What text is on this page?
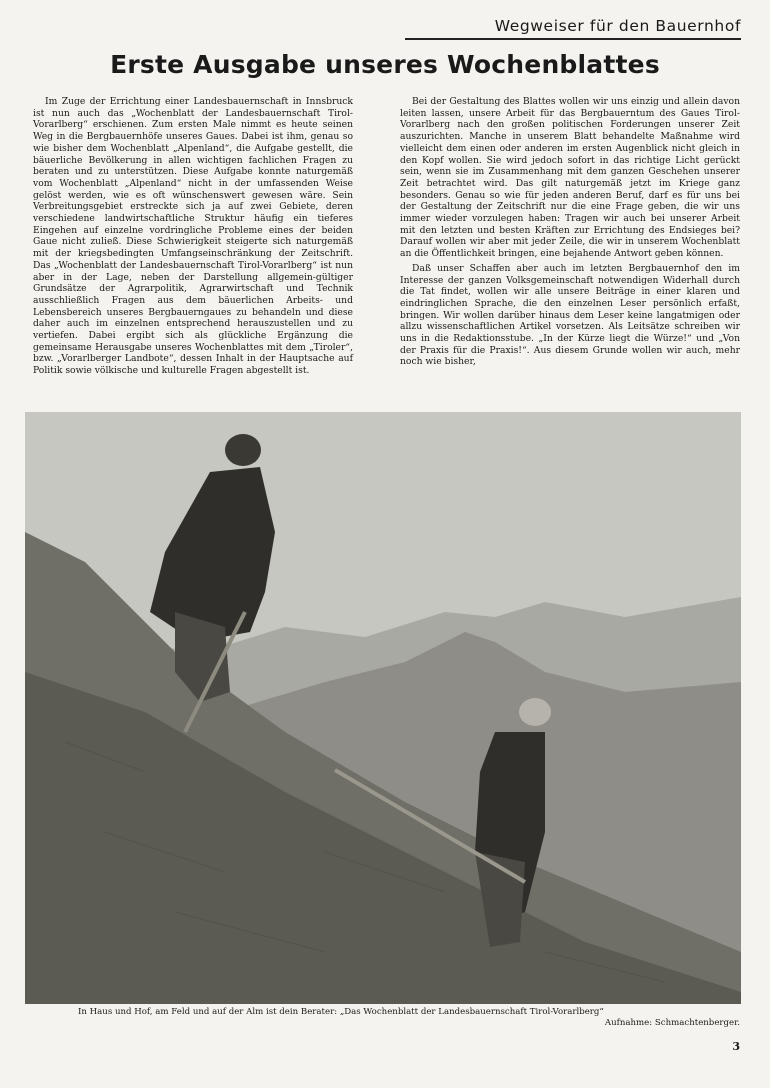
Wegweiser für den Bauernhof
Erste Ausgabe unseres Wochenblattes

Im Zuge der Errichtung einer Landesbauernschaft in Innsbruck ist nun auch das „Wochenblatt der Landesbauernschaft Tirol-Vorarlberg“ erschienen. Zum ersten Male nimmt es heute seinen Weg in die Bergbauernhöfe unseres Gaues. Dabei ist ihm, genau so wie bisher dem Wochenblatt „Alpenland“, die Aufgabe gestellt, die bäuerliche Bevölkerung in allen wichtigen fachlichen Fragen zu beraten und zu unterstützen. Diese Aufgabe konnte naturgemäß vom Wochenblatt „Alpenland“ nicht in der umfassenden Weise gelöst werden, wie es oft wünschenswert gewesen wäre. Sein Verbreitungsgebiet erstreckte sich ja auf zwei Gebiete, deren verschiedene landwirtschaftliche Struktur häufig ein tieferes Eingehen auf einzelne vordringliche Probleme eines der beiden Gaue nicht zuließ. Diese Schwierigkeit steigerte sich naturgemäß mit der kriegsbedingten Umfangseinschränkung der Zeitschrift. Das „Wochenblatt der Landesbauernschaft Tirol-Vorarlberg“ ist nun aber in der Lage, neben der Darstellung allgemein-gültiger Grundsätze der Agrarpolitik, Agrarwirtschaft und Technik ausschließlich Fragen aus dem bäuerlichen Arbeits- und Lebensbereich unseres Bergbauerngaues zu behandeln und diese daher auch im einzelnen entsprechend herauszustellen und zu vertiefen. Dabei ergibt sich als glückliche Ergänzung die gemeinsame Herausgabe unseres Wochenblattes mit dem „Tiroler“, bzw. „Vorarlberger Landbote“, dessen Inhalt in der Hauptsache auf Politik sowie völkische und kulturelle Fragen abgestellt ist.

Bei der Gestaltung des Blattes wollen wir uns einzig und allein davon leiten lassen, unsere Arbeit für das Bergbauerntum des Gaues Tirol-Vorarlberg nach den großen politischen Forderungen unserer Zeit auszurichten. Manche in unserem Blatt behandelte Maßnahme wird vielleicht dem einen oder anderen im ersten Augenblick nicht gleich in den Kopf wollen. Sie wird jedoch sofort in das richtige Licht gerückt sein, wenn sie im Zusammenhang mit dem ganzen Geschehen unserer Zeit betrachtet wird. Das gilt naturgemäß jetzt im Kriege ganz besonders. Genau so wie für jeden anderen Beruf, darf es für uns bei der Gestaltung der Zeitschrift nur die eine Frage geben, die wir uns immer wieder vorzulegen haben: Tragen wir auch bei unserer Arbeit mit den letzten und besten Kräften zur Errichtung des Endsieges bei? Darauf wollen wir aber mit jeder Zeile, die wir in unserem Wochenblatt an die Öffentlichkeit bringen, eine bejahende Antwort geben können.

Daß unser Schaffen aber auch im letzten Bergbauernhof den im Interesse der ganzen Volksgemeinschaft notwendigen Widerhall durch die Tat findet, wollen wir alle unsere Beiträge in einer klaren und eindringlichen Sprache, die den einzelnen Leser persönlich erfaßt, bringen. Wir wollen darüber hinaus dem Leser keine langatmigen oder allzu wissenschaftlichen Artikel vorsetzen. Als Leitsätze schreiben wir uns in die Redaktionsstube. „In der Kürze liegt die Würze!“ und „Von der Praxis für die Praxis!“. Aus diesem Grunde wollen wir auch, mehr noch wie bisher,

In Haus und Hof, am Feld und auf der Alm ist dein Berater: „Das Wochenblatt der Landesbauernschaft Tirol-Vorarlberg“
Aufnahme: Schmachtenberger.
3
